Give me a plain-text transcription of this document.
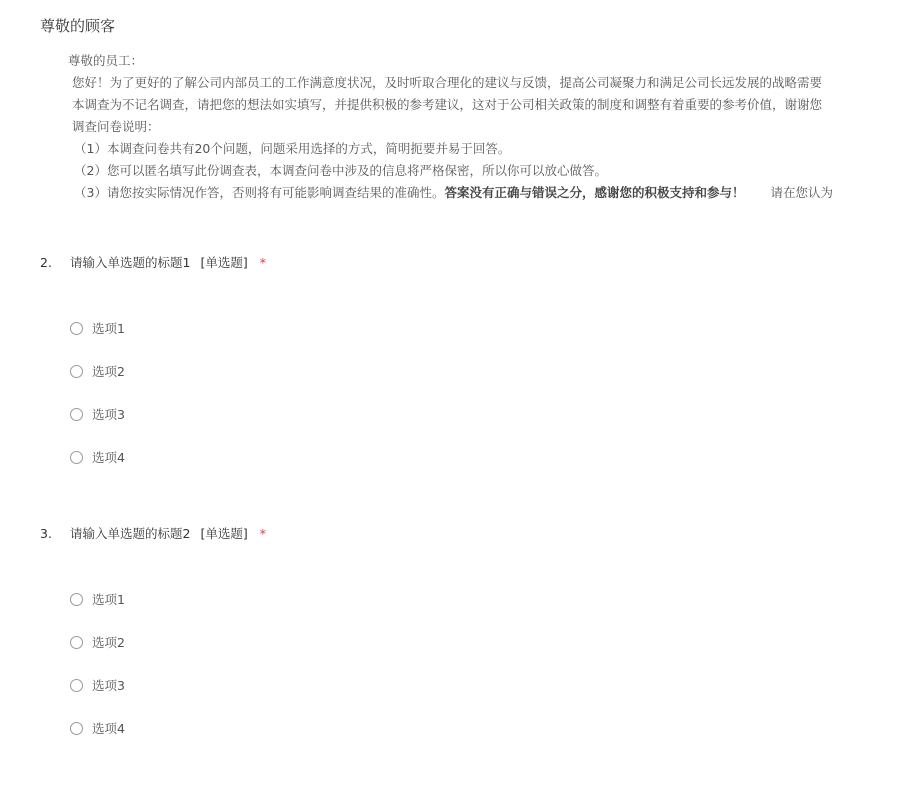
尊敬的顾客
尊敬的员工：
您好！为了更好的了解公司内部员工的工作满意度状况，及时听取合理化的建议与反馈，提高公司凝聚力和满足公司长远发展的战略需要
本调查为不记名调查，请把您的想法如实填写，并提供积极的参考建议，这对于公司相关政策的制度和调整有着重要的参考价值，谢谢您
调查问卷说明：
（1）本调查问卷共有20个问题，问题采用选择的方式，简明扼要并易于回答。
（2）您可以匿名填写此份调查表，本调查问卷中涉及的信息将严格保密，所以你可以放心做答。
（3）请您按实际情况作答，否则将有可能影响调查结果的准确性。答案没有正确与错误之分，感谢您的积极支持和参与！ 请在您认为
2. 请输入单选题的标题1 [单选题] *
选项1
选项2
选项3
选项4
3. 请输入单选题的标题2 [单选题] *
选项1
选项2
选项3
选项4
